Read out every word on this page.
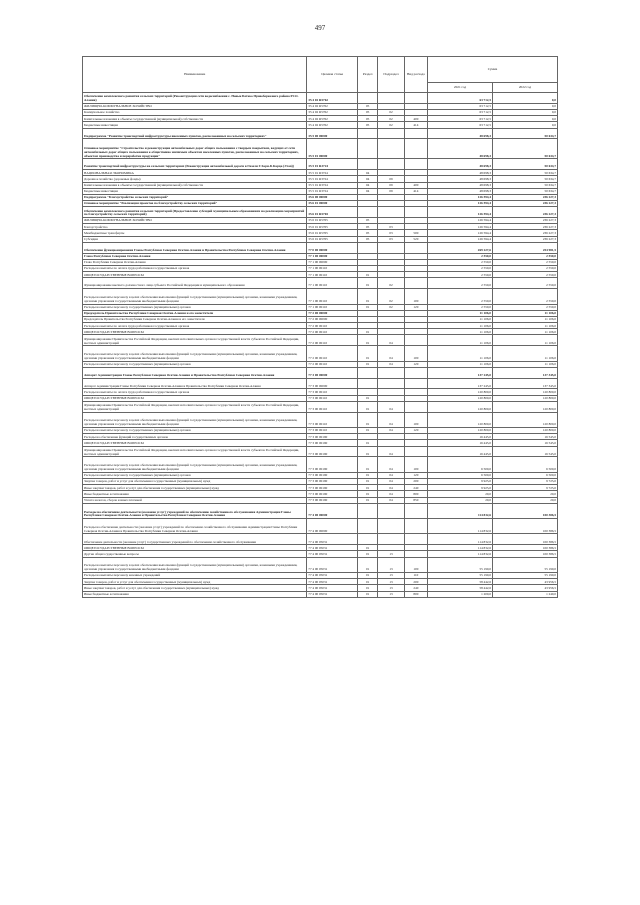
497
Наименование	Целевая статья	Раздел	Подраздел	Вид расхода	Сумма	
					2021 год	2022 год
Обеспечение комплексного развития сельских территорий (Реконструкция сети водоснабжения с. Новые Батако Правобережного района РСО-Алания)	35 4 02 R5762				63 712,5	0,0
ЖИЛИЩНО-КОММУНАЛЬНОЕ ХОЗЯЙСТВО	35 4 02 R5762	05			63 712,5	0,0
Коммунальное хозяйство	35 4 02 R5762	05	02		63 712,5	0,0
Капитальные вложения в объекты государственной (муниципальной) собственности	35 4 02 R5762	05	02	400	63 712,5	0,0
Бюджетные инвестиции	35 4 02 R5762	05	02	414	63 712,5	0,0
Подпрограмма "Развитие транспортной инфраструктуры внесенных пунктов, расположенных на сельских территориях"	35 5 00 00000				48 698,3	50 634,7
Основное мероприятие "Строительство и реконструкция автомобильных дорог общего пользования с твердым покрытием, ведущих от сети автомобильных дорог общего пользования к общественно значимым объектам населенных пунктов, расположенных на сельских территориях, объектам производства и переработки продукции"	35 5 01 00000				48 698,3	50 634,7
Развитие транспортной инфраструктуры на сельских территориях (Реконструкция автомобильной дороги в Гизели Г.Хори-Б.Карца (Этап))	35 5 01 R3724				48 698,3	50 634,7
НАЦИОНАЛЬНАЯ ЭКОНОМИКА	35 5 01 R3724	04			48 698,3	50 634,7
Дорожное хозяйство (дорожные фонды)	35 5 01 R3724	04	09		48 698,3	50 634,7
Капитальные вложения в объекты государственной (муниципальной) собственности	35 5 01 R3724	04	09	400	48 698,3	50 634,7
Бюджетные инвестиции	35 5 01 R3724	04	09	414	48 698,3	50 634,7
Подпрограмма "Благоустройство сельских территорий"	35 6 00 00000				126 594,4	236 227,3
Основное мероприятие "Реализация проектов по благоустройству сельских территорий"	35 6 01 00000				126 594,4	236 227,3
Обеспечение комплексного развития сельских территорий (Предоставление субсидий муниципальным образованиям на реализацию мероприятий по благоустройству сельских территорий)	35 6 01 R5765				126 594,4	236 227,3
ЖИЛИЩНО-КОММУНАЛЬНОЕ ХОЗЯЙСТВО	35 6 01 R5765	05			126 594,4	236 227,3
Благоустройство	35 6 01 R5765	05	03		126 594,4	236 227,3
Межбюджетные трансферты	35 6 01 R5765	05	03	500	126 594,4	236 227,3
Субсидии	35 6 01 R5765	05	03	520	126 594,4	236 227,3
Обеспечение функционирования Главы Республики Северная Осетия-Алания и Правительства Республики Северная Осетия-Алания	77 0 00 00000				269 227,6	254 981,5
Глава Республики Северная Осетия-Алания	77 1 00 00000				2 550,0	2 550,0
Глава Республики Северная Осетия-Алания	77 1 00 00000				2 550,0	2 550,0
Расходы на выплаты по оплате труда работников государственных органов	77 1 00 00110				2 550,0	2 550,0
ОБЩЕГОСУДАРСТВЕННЫЕ ВОПРОСЫ	77 1 00 00110	01			2 550,0	2 550,0
Функционирование высшего должностного лица субъекта Российской Федерации и муниципального образования	77 1 00 00110	01	02		2 550,0	2 550,0
Расходы на выплаты персоналу в целях обеспечения выполнения функций государственными (муниципальными) органами, казенными учреждениями, органами управления государственными внебюджетными фондами	77 1 00 00110	01	02	100	2 550,0	2 550,0
Расходы на выплаты персоналу государственных (муниципальных) органов	77 1 00 00110	01	02	120	2 550,0	2 550,0
Председатель Правительства Республики Северная Осетия-Алания и его заместители	77 2 00 00000				11 106,0	11 106,0
Председатель Правительства Республики Северная Осетия-Алания и его заместители	77 2 00 00000				11 106,0	11 106,0
Расходы на выплаты по оплате труда работников государственных органов	77 2 00 00110				11 106,0	11 106,0
ОБЩЕГОСУДАРСТВЕННЫЕ ВОПРОСЫ	77 2 00 00110	01			11 106,0	11 106,0
Функционирование Правительства Российской Федерации, высших исполнительных органов государственной власти субъектов Российской Федерации, местных администраций	77 2 00 00110	01	04		11 106,0	11 106,0
Расходы на выплаты персоналу в целях обеспечения выполнения функций государственными (муниципальными) органами, казенными учреждениями, органами управления государственными внебюджетными фондами	77 2 00 00110	01	04	100	11 106,0	11 106,0
Расходы на выплаты персоналу государственных (муниципальных) органов	77 2 00 00110	01	04	120	11 106,0	11 106,0
Аппарат Администрации Главы Республики Северная Осетия-Алания и Правительства Республики Северная Осетия-Алания	77 3 00 00000				137 245,0	137 345,0
Аппарат Администрации Главы Республики Северная Осетия-Алания и Правительства Республики Северная Осетия-Алания	77 3 00 00000				137 245,0	137 345,0
Расходы на выплаты по оплате труда работников государственных органов	77 3 00 00110				120 800,0	120 800,0
ОБЩЕГОСУДАРСТВЕННЫЕ ВОПРОСЫ	77 3 00 00110	01			120 800,0	120 800,0
Функционирование Правительства Российской Федерации, высших исполнительных органов государственной власти субъектов Российской Федерации, местных администраций	77 3 00 00110	01	04		120 800,0	120 800,0
Расходы на выплаты персоналу в целях обеспечения выполнения функций государственными (муниципальными) органами, казенными учреждениями, органами управления государственными внебюджетными фондами	77 3 00 00110	01	04	100	120 800,0	120 800,0
Расходы на выплаты персоналу государственных (муниципальных) органов	77 3 00 00110	01	04	120	120 800,0	120 800,0
Расходы на обеспечение функций государственных органов	77 3 00 00190				16 445,0	16 545,0
ОБЩЕГОСУДАРСТВЕННЫЕ ВОПРОСЫ	77 3 00 00190	01			16 445,0	16 545,0
Функционирование Правительства Российской Федерации, высших исполнительных органов государственной власти субъектов Российской Федерации, местных администраций	77 3 00 00190	01	04		16 445,0	16 545,0
Расходы на выплаты персоналу в целях обеспечения выполнения функций государственными (муниципальными) органами, казенными учреждениями, органами управления государственными внебюджетными фондами	77 3 00 00190	01	04	100	6 500,0	6 500,0
Расходы на выплаты персоналу государственных (муниципальных) органов	77 3 00 00190	01	04	120	6 500,0	6 500,0
Закупка товаров, работ и услуг для обеспечения государственных (муниципальных) нужд	77 3 00 00190	01	04	200	9 925,0	9 725,0
Иные закупки товаров, работ и услуг для обеспечения государственных (муниципальных) нужд	77 3 00 00190	01	04	240	9 925,0	9 725,0
Иные бюджетные ассигнования	77 3 00 00190	01	04	800	20,0	20,0
Уплата налогов, сборов и иных платежей	77 3 00 00190	01	04	850	20,0	20,0
Расходы на обеспечение деятельности (оказание услуг) учреждений по обеспечению хозяйственного обслуживания Администрации Главы Республики Северная Осетия-Алания и Правительства Республики Северная Осетия-Алания	77 4 00 00000				114 832,6	100 386,5
Расходы на обеспечение деятельности (оказание услуг) учреждений по обеспечению хозяйственного обслуживания Администрации Главы Республики Северная Осетия-Алания и Правительства Республики Северная Осетия-Алания	77 4 00 00000				114 832,6	100 386,5
Обеспечение деятельности (оказание услуг) государственных учреждений по обеспечению хозяйственного обслуживания	77 4 00 05031				114 832,6	100 386,5
ОБЩЕГОСУДАРСТВЕННЫЕ ВОПРОСЫ	77 4 00 05031	01			114 832,6	100 386,5
Другие общегосударственные вопросы	77 4 00 05031	01	13		114 832,6	100 386,5
Расходы на выплаты персоналу в целях обеспечения выполнения функций государственными (муниципальными) органами, казенными учреждениями, органами управления государственными внебюджетными фондами	77 4 00 05031	01	13	100	55 190,0	55 190,0
Расходы на выплаты персоналу казенных учреждений	77 4 00 05031	01	13	110	55 190,0	55 190,0
Закупка товаров, работ и услуг для обеспечения государственных (муниципальных) нужд	77 4 00 05031	01	13	200	58 442,6	43 956,5
Иные закупки товаров, работ и услуг для обеспечения государственных (муниципальных) нужд	77 4 00 05031	01	13	240	58 442,6	43 956,5
Иные бюджетные ассигнования	77 4 00 05031	01	13	800	1 200,0	1 240,0
